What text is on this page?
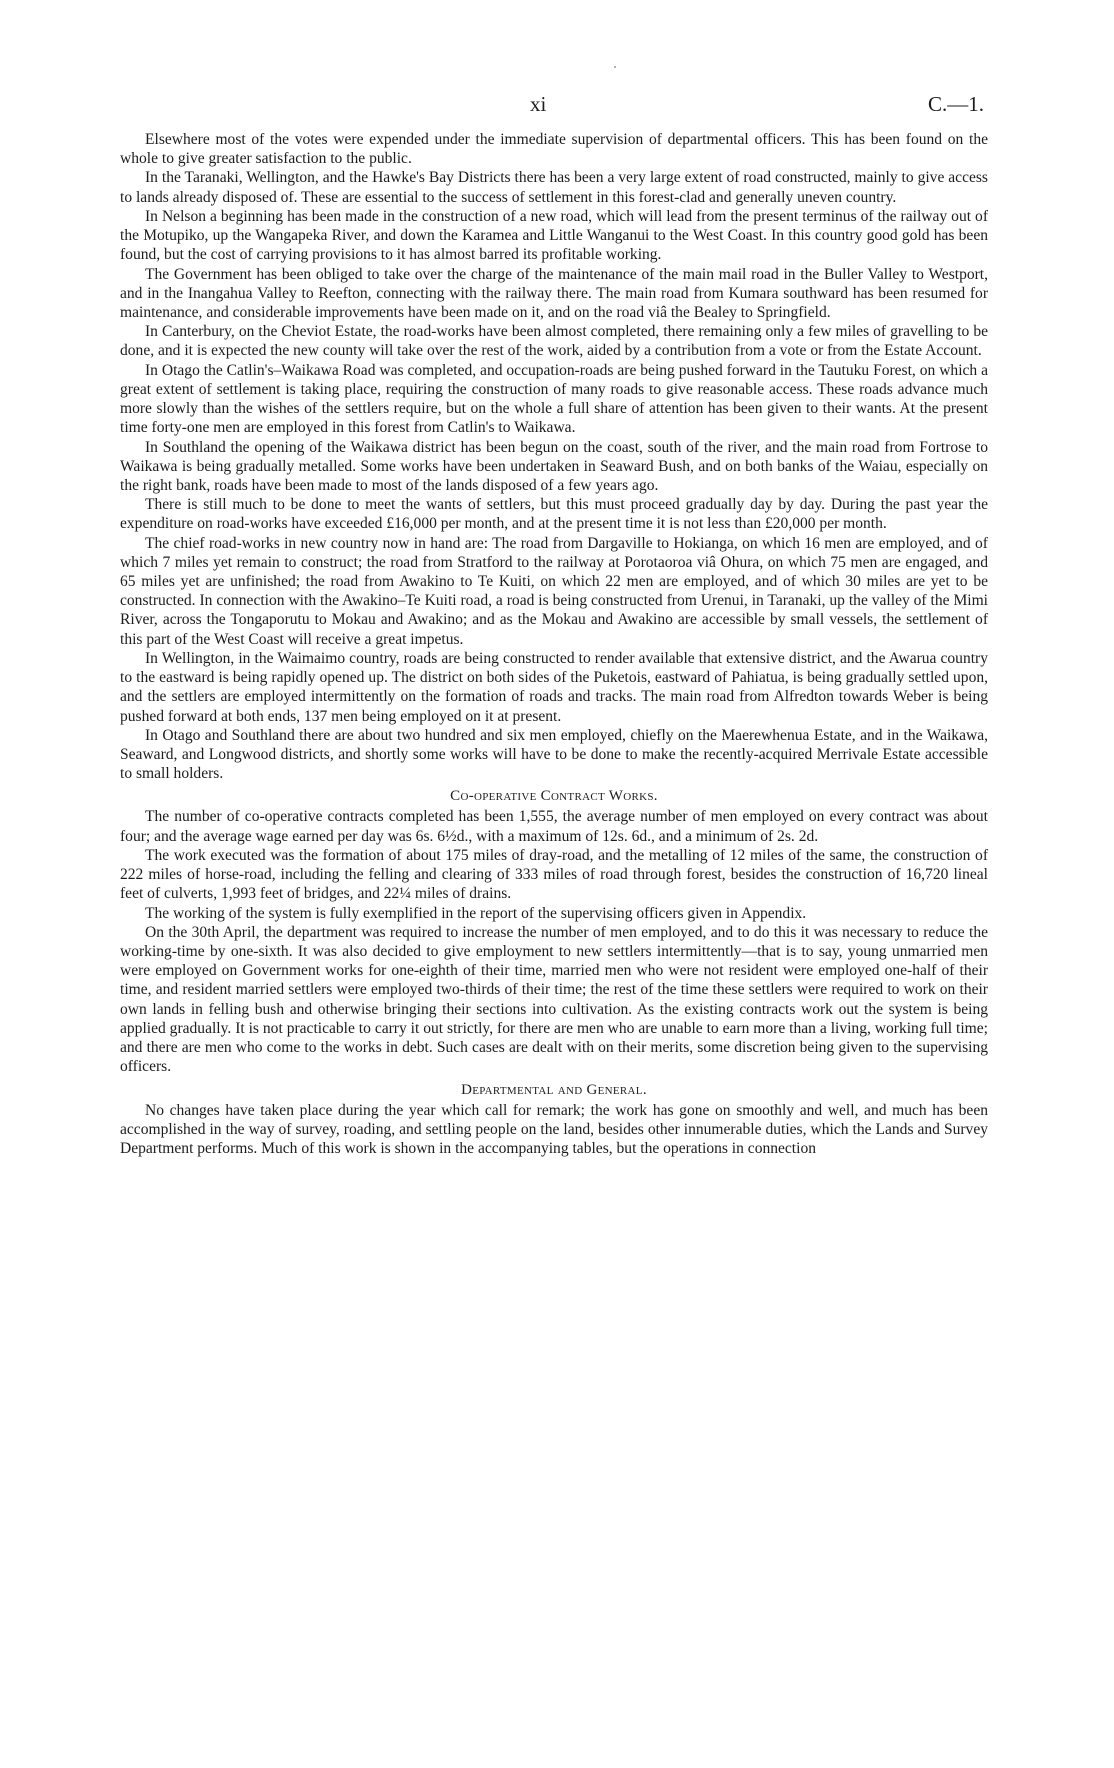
xi	C.—1.

Elsewhere most of the votes were expended under the immediate supervision of departmental officers. This has been found on the whole to give greater satisfaction to the public.

In the Taranaki, Wellington, and the Hawke's Bay Districts there has been a very large extent of road constructed, mainly to give access to lands already disposed of. These are essential to the success of settlement in this forest-clad and generally uneven country.

In Nelson a beginning has been made in the construction of a new road, which will lead from the present terminus of the railway out of the Motupiko, up the Wangapeka River, and down the Karamea and Little Wanganui to the West Coast. In this country good gold has been found, but the cost of carrying provisions to it has almost barred its profitable working.

The Government has been obliged to take over the charge of the maintenance of the main mail road in the Buller Valley to Westport, and in the Inangahua Valley to Reefton, connecting with the railway there. The main road from Kumara southward has been resumed for maintenance, and considerable improvements have been made on it, and on the road viâ the Bealey to Springfield.

In Canterbury, on the Cheviot Estate, the road-works have been almost completed, there remaining only a few miles of gravelling to be done, and it is expected the new county will take over the rest of the work, aided by a contribution from a vote or from the Estate Account.

In Otago the Catlin's–Waikawa Road was completed, and occupation-roads are being pushed forward in the Tautuku Forest, on which a great extent of settlement is taking place, requiring the construction of many roads to give reasonable access. These roads advance much more slowly than the wishes of the settlers require, but on the whole a full share of attention has been given to their wants. At the present time forty-one men are employed in this forest from Catlin's to Waikawa.

In Southland the opening of the Waikawa district has been begun on the coast, south of the river, and the main road from Fortrose to Waikawa is being gradually metalled. Some works have been undertaken in Seaward Bush, and on both banks of the Waiau, especially on the right bank, roads have been made to most of the lands disposed of a few years ago.

There is still much to be done to meet the wants of settlers, but this must proceed gradually day by day. During the past year the expenditure on road-works have exceeded £16,000 per month, and at the present time it is not less than £20,000 per month.

The chief road-works in new country now in hand are: The road from Dargaville to Hokianga, on which 16 men are employed, and of which 7 miles yet remain to construct; the road from Stratford to the railway at Porotaoroa viâ Ohura, on which 75 men are engaged, and 65 miles yet are unfinished; the road from Awakino to Te Kuiti, on which 22 men are employed, and of which 30 miles are yet to be constructed. In connection with the Awakino–Te Kuiti road, a road is being constructed from Urenui, in Taranaki, up the valley of the Mimi River, across the Tongaporutu to Mokau and Awakino; and as the Mokau and Awakino are accessible by small vessels, the settlement of this part of the West Coast will receive a great impetus.

In Wellington, in the Waimaimo country, roads are being constructed to render available that extensive district, and the Awarua country to the eastward is being rapidly opened up. The district on both sides of the Puketois, eastward of Pahiatua, is being gradually settled upon, and the settlers are employed intermittently on the formation of roads and tracks. The main road from Alfredton towards Weber is being pushed forward at both ends, 137 men being employed on it at present.

In Otago and Southland there are about two hundred and six men employed, chiefly on the Maerewhenua Estate, and in the Waikawa, Seaward, and Longwood districts, and shortly some works will have to be done to make the recently-acquired Merrivale Estate accessible to small holders.

Co-operative Contract Works.

The number of co-operative contracts completed has been 1,555, the average number of men employed on every contract was about four; and the average wage earned per day was 6s. 6½d., with a maximum of 12s. 6d., and a minimum of 2s. 2d.

The work executed was the formation of about 175 miles of dray-road, and the metalling of 12 miles of the same, the construction of 222 miles of horse-road, including the felling and clearing of 333 miles of road through forest, besides the construction of 16,720 lineal feet of culverts, 1,993 feet of bridges, and 22¼ miles of drains.

The working of the system is fully exemplified in the report of the supervising officers given in Appendix.

On the 30th April, the department was required to increase the number of men employed, and to do this it was necessary to reduce the working-time by one-sixth. It was also decided to give employment to new settlers intermittently—that is to say, young unmarried men were employed on Government works for one-eighth of their time, married men who were not resident were employed one-half of their time, and resident married settlers were employed two-thirds of their time; the rest of the time these settlers were required to work on their own lands in felling bush and otherwise bringing their sections into cultivation. As the existing contracts work out the system is being applied gradually. It is not practicable to carry it out strictly, for there are men who are unable to earn more than a living, working full time; and there are men who come to the works in debt. Such cases are dealt with on their merits, some discretion being given to the supervising officers.

Departmental and General.

No changes have taken place during the year which call for remark; the work has gone on smoothly and well, and much has been accomplished in the way of survey, roading, and settling people on the land, besides other innumerable duties, which the Lands and Survey Department performs. Much of this work is shown in the accompanying tables, but the operations in connection
